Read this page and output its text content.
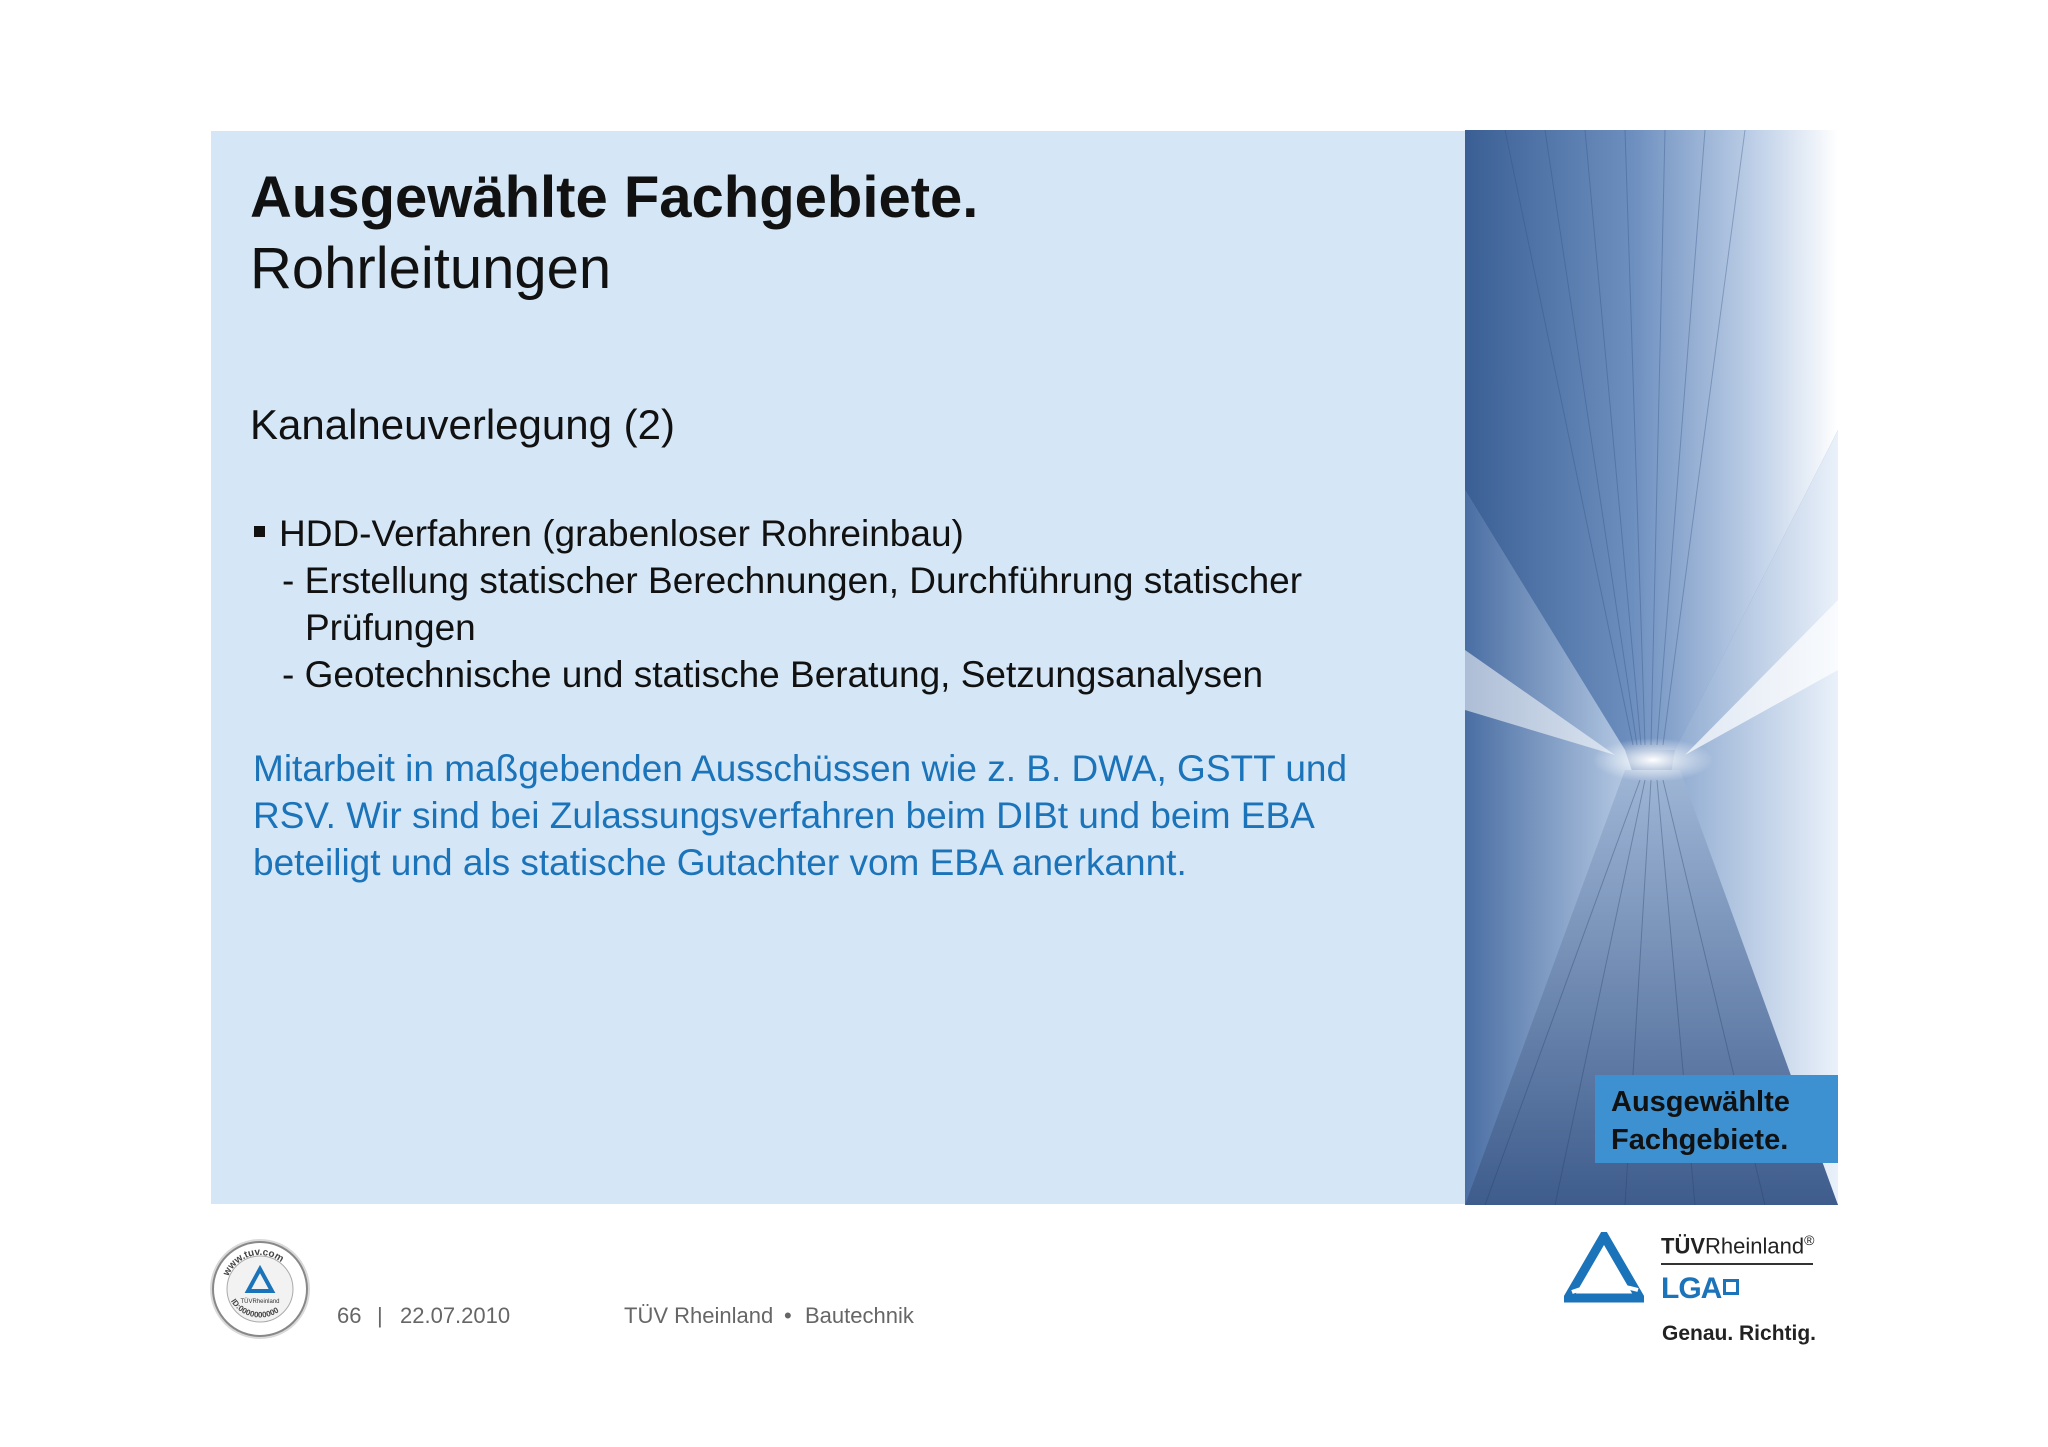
Ausgewählte Fachgebiete.
Rohrleitungen
Kanalneuverlegung (2)
HDD-Verfahren (grabenloser Rohreinbau)
- Erstellung statischer Berechnungen, Durchführung statischer
Prüfungen
- Geotechnische und statische Beratung, Setzungsanalysen

Mitarbeit in maßgebenden Ausschüssen wie z. B. DWA, GSTT und
RSV. Wir sind bei Zulassungsverfahren beim DIBt und beim EBA
beteiligt und als statische Gutachter vom EBA anerkannt.

Ausgewählte
Fachgebiete.
www.tuv.com
ID:0000000000
TÜVRheinland
66 | 22.07.2010	TÜV Rheinland • Bautechnik
TÜVRheinland®
LGA
Genau. Richtig.
